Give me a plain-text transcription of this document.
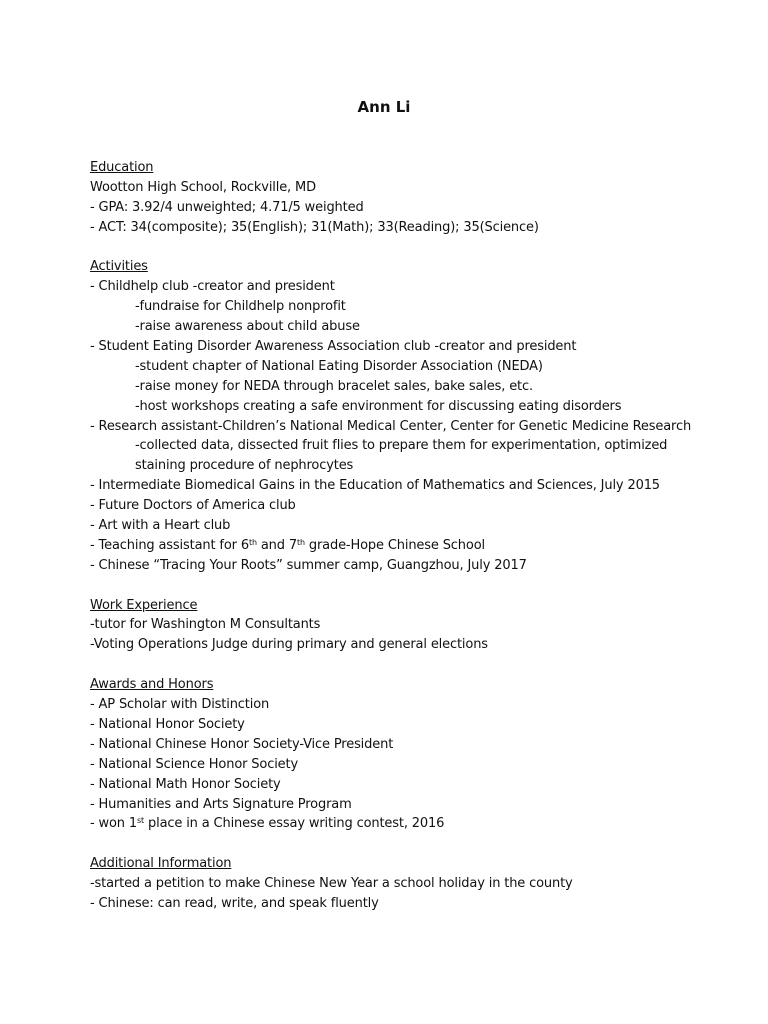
Ann Li
Education
Wootton High School, Rockville, MD
- GPA: 3.92/4 unweighted; 4.71/5 weighted
- ACT: 34(composite); 35(English); 31(Math); 33(Reading); 35(Science)
Activities
- Childhelp club -creator and president
-fundraise for Childhelp nonprofit
-raise awareness about child abuse
- Student Eating Disorder Awareness Association club -creator and president
-student chapter of National Eating Disorder Association (NEDA)
-raise money for NEDA through bracelet sales, bake sales, etc.
-host workshops creating a safe environment for discussing eating disorders
- Research assistant-Children’s National Medical Center, Center for Genetic Medicine Research
-collected data, dissected fruit flies to prepare them for experimentation, optimized
staining procedure of nephrocytes
- Intermediate Biomedical Gains in the Education of Mathematics and Sciences, July 2015
- Future Doctors of America club
- Art with a Heart club
- Teaching assistant for 6th and 7th grade-Hope Chinese School
- Chinese “Tracing Your Roots” summer camp, Guangzhou, July 2017
Work Experience
-tutor for Washington M Consultants
-Voting Operations Judge during primary and general elections
Awards and Honors
- AP Scholar with Distinction
- National Honor Society
- National Chinese Honor Society-Vice President
- National Science Honor Society
- National Math Honor Society
- Humanities and Arts Signature Program
- won 1st place in a Chinese essay writing contest, 2016
Additional Information
-started a petition to make Chinese New Year a school holiday in the county
- Chinese: can read, write, and speak fluently
